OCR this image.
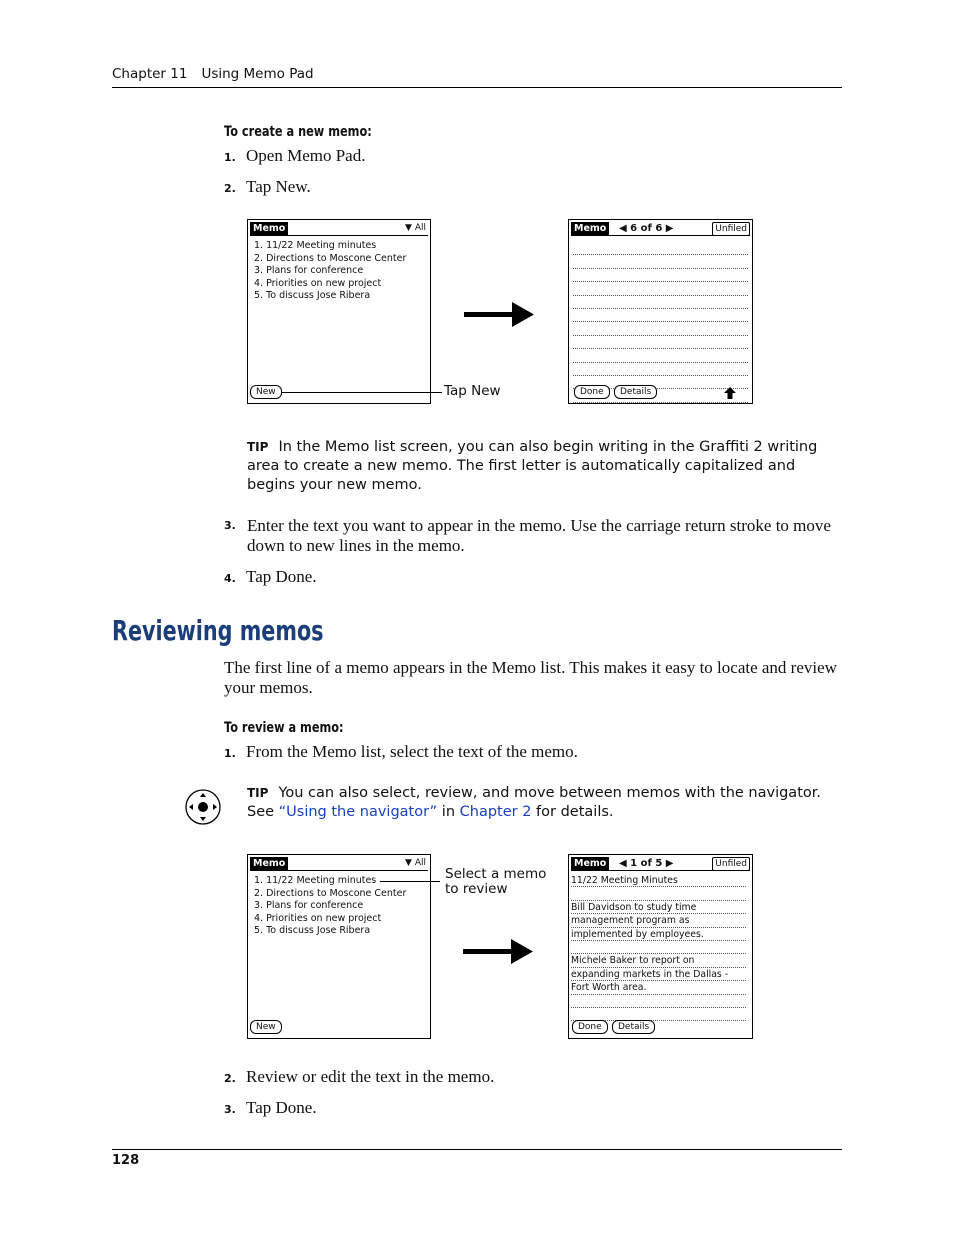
Chapter 11 Using Memo Pad
To create a new memo:
1. Open Memo Pad.
2. Tap New.
Memo	▼ All
1. 11/22 Meeting minutes
2. Directions to Moscone Center
3. Plans for conference
4. Priorities on new project
5. To discuss Jose Ribera
New	Tap New
Memo	◀ 6 of 6 ▶	Unfiled
Done	Details
TIP In the Memo list screen, you can also begin writing in the Graffiti 2 writing area to create a new memo. The first letter is automatically capitalized and begins your new memo.
3. Enter the text you want to appear in the memo. Use the carriage return stroke to move down to new lines in the memo.
4. Tap Done.
Reviewing memos
The first line of a memo appears in the Memo list. This makes it easy to locate and review your memos.
To review a memo:
1. From the Memo list, select the text of the memo.
TIP You can also select, review, and move between memos with the navigator. See “Using the navigator” in Chapter 2 for details.
Memo	▼ All
1. 11/22 Meeting minutes
2. Directions to Moscone Center
3. Plans for conference
4. Priorities on new project
5. To discuss Jose Ribera
New
Select a memo
to review
Memo	◀ 1 of 5 ▶	Unfiled
11/22 Meeting Minutes
Bill Davidson to study time
management program as
implemented by employees.
Michele Baker to report on
expanding markets in the Dallas -
Fort Worth area.
Done	Details
2. Review or edit the text in the memo.
3. Tap Done.
128
